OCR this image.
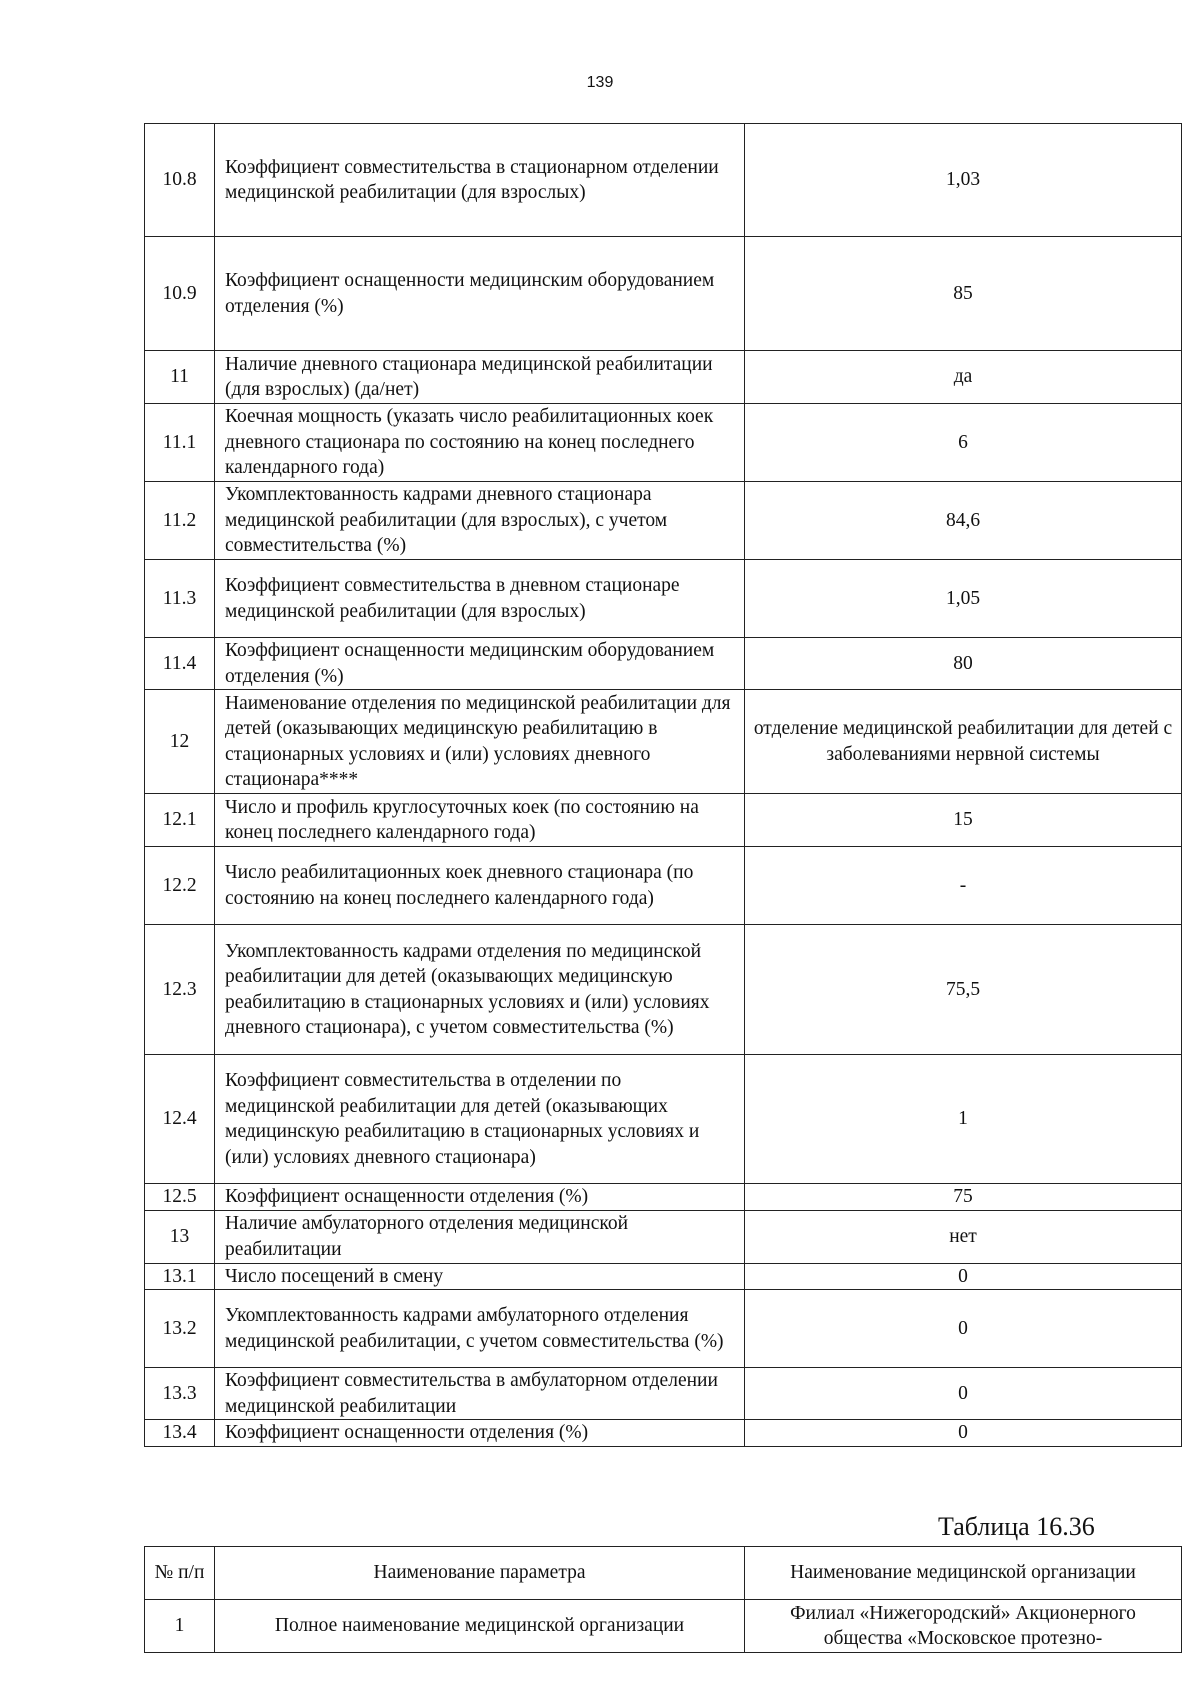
139
10.8	Коэффициент совместительства в стационарном отделении медицинской реабилитации (для взрослых)	1,03
10.9	Коэффициент оснащенности медицинским оборудованием отделения (%)	85
11	Наличие дневного стационара медицинской реабилитации (для взрослых) (да/нет)	да
11.1	Коечная мощность (указать число реабилитационных коек дневного стационара по состоянию на конец последнего календарного года)	6
11.2	Укомплектованность кадрами дневного стационара медицинской реабилитации (для взрослых), с учетом совместительства (%)	84,6
11.3	Коэффициент совместительства в дневном стационаре медицинской реабилитации (для взрослых)	1,05
11.4	Коэффициент оснащенности медицинским оборудованием отделения (%)	80
12	Наименование отделения по медицинской реабилитации для детей (оказывающих медицинскую реабилитацию в стационарных условиях и (или) условиях дневного стационара****	отделение медицинской реабилитации для детей с заболеваниями нервной системы
12.1	Число и профиль круглосуточных коек (по состоянию на конец последнего календарного года)	15
12.2	Число реабилитационных коек дневного стационара (по состоянию на конец последнего календарного года)	-
12.3	Укомплектованность кадрами отделения по медицинской реабилитации для детей (оказывающих медицинскую реабилитацию в стационарных условиях и (или) условиях дневного стационара), с учетом совместительства (%)	75,5
12.4	Коэффициент совместительства в отделении по медицинской реабилитации для детей (оказывающих медицинскую реабилитацию в стационарных условиях и (или) условиях дневного стационара)	1
12.5	Коэффициент оснащенности отделения (%)	75
13	Наличие амбулаторного отделения медицинской реабилитации	нет
13.1	Число посещений в смену	0
13.2	Укомплектованность кадрами амбулаторного отделения медицинской реабилитации, с учетом совместительства (%)	0
13.3	Коэффициент совместительства в амбулаторном отделении медицинской реабилитации	0
13.4	Коэффициент оснащенности отделения (%)	0
Таблица 16.36
№ п/п	Наименование параметра	Наименование медицинской организации
1	Полное наименование медицинской организации	Филиал «Нижегородский» Акционерного общества «Московское протезно-
